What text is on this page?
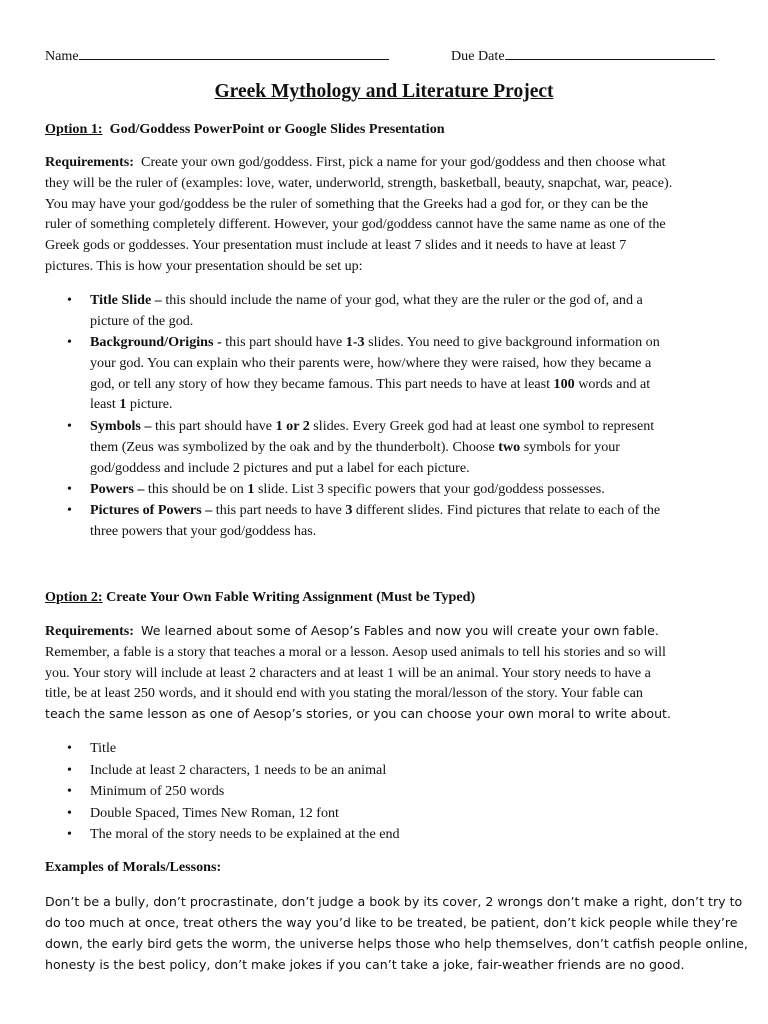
Name	Due Date
Greek Mythology and Literature Project
Option 1: God/Goddess PowerPoint or Google Slides Presentation
Requirements: Create your own god/goddess. First, pick a name for your god/goddess and then choose what
they will be the ruler of (examples: love, water, underworld, strength, basketball, beauty, snapchat, war, peace).
You may have your god/goddess be the ruler of something that the Greeks had a god for, or they can be the
ruler of something completely different. However, your god/goddess cannot have the same name as one of the
Greek gods or goddesses. Your presentation must include at least 7 slides and it needs to have at least 7
pictures. This is how your presentation should be set up:
• Title Slide – this should include the name of your god, what they are the ruler or the god of, and a
picture of the god.
• Background/Origins - this part should have 1-3 slides. You need to give background information on
your god. You can explain who their parents were, how/where they were raised, how they became a
god, or tell any story of how they became famous. This part needs to have at least 100 words and at
least 1 picture.
• Symbols – this part should have 1 or 2 slides. Every Greek god had at least one symbol to represent
them (Zeus was symbolized by the oak and by the thunderbolt). Choose two symbols for your
god/goddess and include 2 pictures and put a label for each picture.
• Powers – this should be on 1 slide. List 3 specific powers that your god/goddess possesses.
• Pictures of Powers – this part needs to have 3 different slides. Find pictures that relate to each of the
three powers that your god/goddess has.
Option 2: Create Your Own Fable Writing Assignment (Must be Typed)
Requirements: We learned about some of Aesop’s Fables and now you will create your own fable.
Remember, a fable is a story that teaches a moral or a lesson. Aesop used animals to tell his stories and so will
you. Your story will include at least 2 characters and at least 1 will be an animal. Your story needs to have a
title, be at least 250 words, and it should end with you stating the moral/lesson of the story. Your fable can
teach the same lesson as one of Aesop’s stories, or you can choose your own moral to write about.
• Title
• Include at least 2 characters, 1 needs to be an animal
• Minimum of 250 words
• Double Spaced, Times New Roman, 12 font
• The moral of the story needs to be explained at the end
Examples of Morals/Lessons:
Don’t be a bully, don’t procrastinate, don’t judge a book by its cover, 2 wrongs don’t make a right, don’t try to
do too much at once, treat others the way you’d like to be treated, be patient, don’t kick people while they’re
down, the early bird gets the worm, the universe helps those who help themselves, don’t catfish people online,
honesty is the best policy, don’t make jokes if you can’t take a joke, fair-weather friends are no good.
